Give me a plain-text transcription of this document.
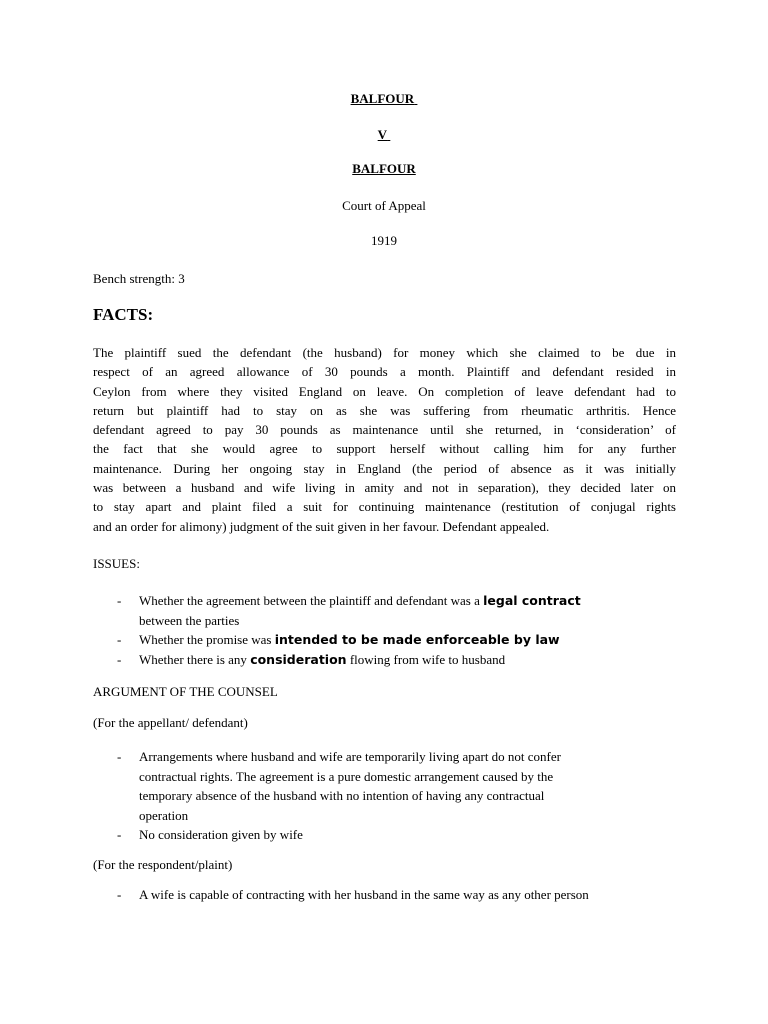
BALFOUR
V
BALFOUR
Court of Appeal
1919
Bench strength: 3
FACTS:
The plaintiff sued the defendant (the husband) for money which she claimed to be due in
respect of an agreed allowance of 30 pounds a month. Plaintiff and defendant resided in
Ceylon from where they visited England on leave. On completion of leave defendant had to
return but plaintiff had to stay on as she was suffering from rheumatic arthritis. Hence
defendant agreed to pay 30 pounds as maintenance until she returned, in ‘consideration’ of
the fact that she would agree to support herself without calling him for any further
maintenance. During her ongoing stay in England (the period of absence as it was initially
was between a husband and wife living in amity and not in separation), they decided later on
to stay apart and plaint filed a suit for continuing maintenance (restitution of conjugal rights
and an order for alimony) judgment of the suit given in her favour. Defendant appealed.
ISSUES:
- Whether the agreement between the plaintiff and defendant was a legal contract
between the parties
- Whether the promise was intended to be made enforceable by law
- Whether there is any consideration flowing from wife to husband
ARGUMENT OF THE COUNSEL
(For the appellant/ defendant)
- Arrangements where husband and wife are temporarily living apart do not confer
contractual rights. The agreement is a pure domestic arrangement caused by the
temporary absence of the husband with no intention of having any contractual
operation
- No consideration given by wife
(For the respondent/plaint)
- A wife is capable of contracting with her husband in the same way as any other person
